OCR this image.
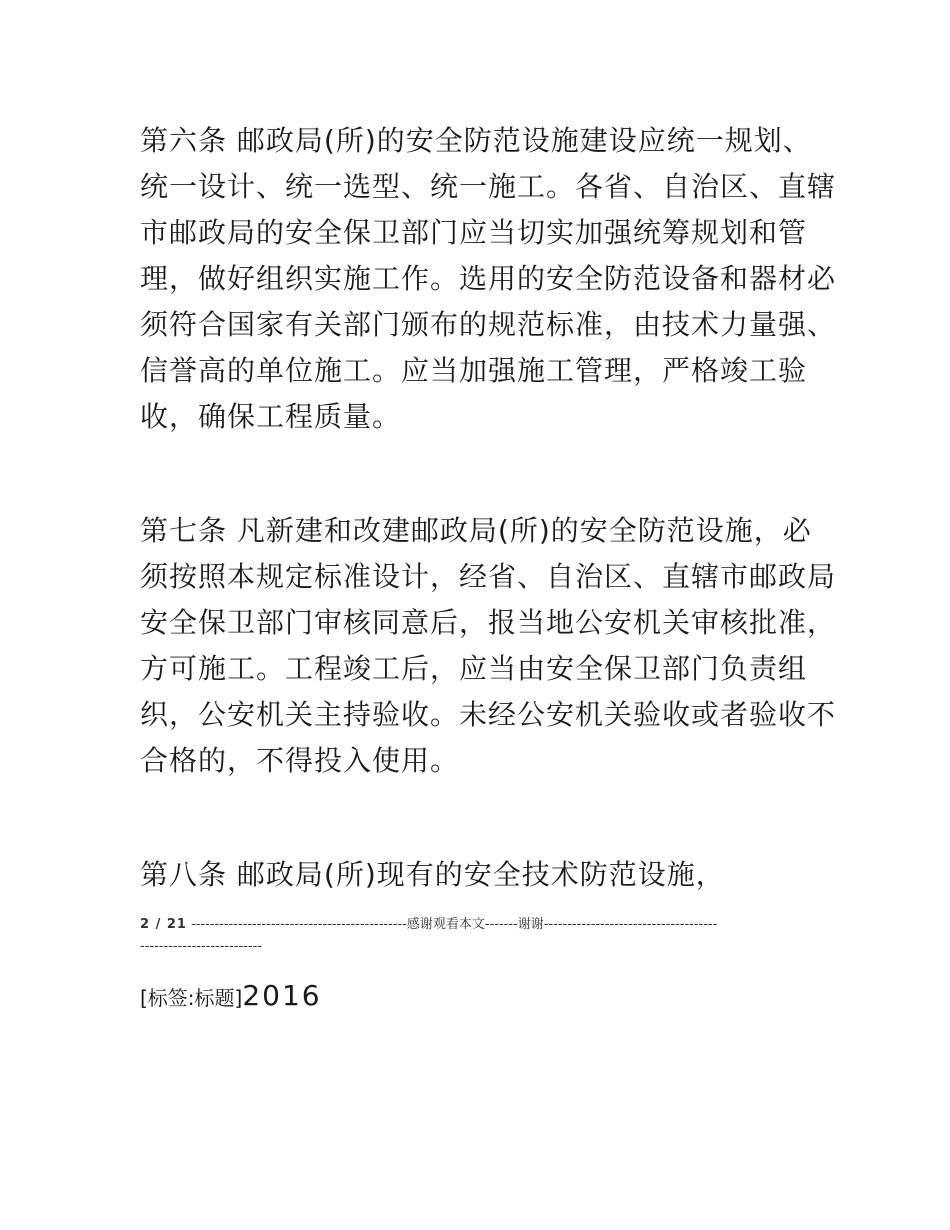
第六条 邮政局(所)的安全防范设施建设应统一规划、统一设计、统一选型、统一施工。各省、自治区、直辖市邮政局的安全保卫部门应当切实加强统筹规划和管理，做好组织实施工作。选用的安全防范设备和器材必须符合国家有关部门颁布的规范标准，由技术力量强、信誉高的单位施工。应当加强施工管理，严格竣工验收，确保工程质量。

第七条 凡新建和改建邮政局(所)的安全防范设施，必须按照本规定标准设计，经省、自治区、直辖市邮政局安全保卫部门审核同意后，报当地公安机关审核批准，方可施工。工程竣工后，应当由安全保卫部门负责组织，公安机关主持验收。未经公安机关验收或者验收不合格的，不得投入使用。

第八条 邮政局(所)现有的安全技术防范设施，

2 / 21 ----------------------------------------------感谢观看本文-------谢谢---------------------------------------------------------------
[标签:标题]2016
